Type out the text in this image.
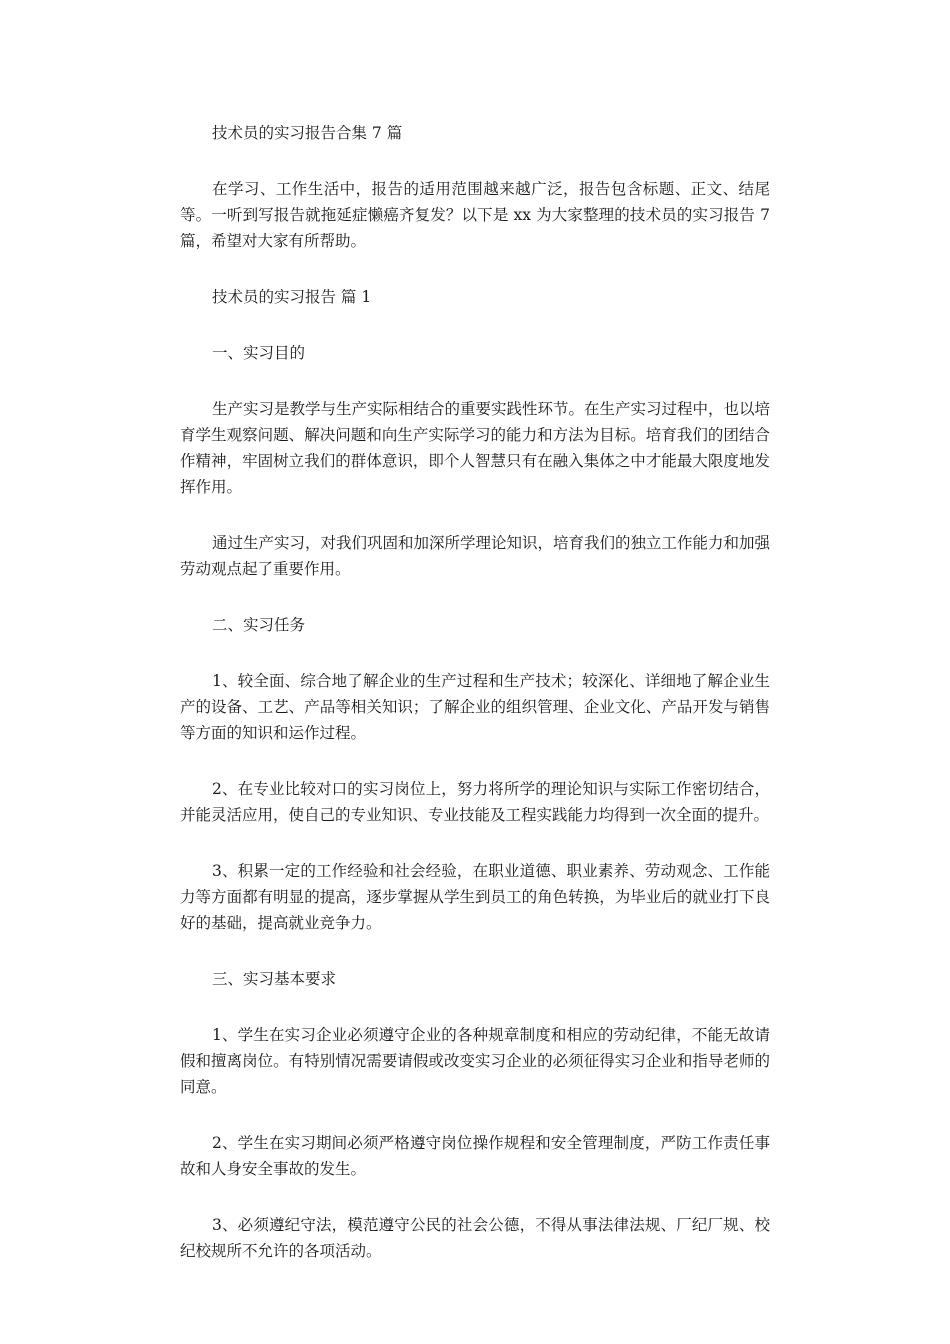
技术员的实习报告合集 7 篇

在学习、工作生活中，报告的适用范围越来越广泛，报告包含标题、正文、结尾等。一听到写报告就拖延症懒癌齐复发？以下是 xx 为大家整理的技术员的实习报告 7 篇，希望对大家有所帮助。

技术员的实习报告 篇 1

一、实习目的

生产实习是教学与生产实际相结合的重要实践性环节。在生产实习过程中，也以培育学生观察问题、解决问题和向生产实际学习的能力和方法为目标。培育我们的团结合作精神，牢固树立我们的群体意识，即个人智慧只有在融入集体之中才能最大限度地发挥作用。

通过生产实习，对我们巩固和加深所学理论知识，培育我们的独立工作能力和加强劳动观点起了重要作用。

二、实习任务

1、较全面、综合地了解企业的生产过程和生产技术；较深化、详细地了解企业生产的设备、工艺、产品等相关知识；了解企业的组织管理、企业文化、产品开发与销售等方面的知识和运作过程。

2、在专业比较对口的实习岗位上，努力将所学的理论知识与实际工作密切结合，并能灵活应用，使自己的专业知识、专业技能及工程实践能力均得到一次全面的提升。

3、积累一定的工作经验和社会经验，在职业道德、职业素养、劳动观念、工作能力等方面都有明显的提高，逐步掌握从学生到员工的角色转换，为毕业后的就业打下良好的基础，提高就业竞争力。

三、实习基本要求

1、学生在实习企业必须遵守企业的各种规章制度和相应的劳动纪律，不能无故请假和擅离岗位。有特别情况需要请假或改变实习企业的必须征得实习企业和指导老师的同意。

2、学生在实习期间必须严格遵守岗位操作规程和安全管理制度，严防工作责任事故和人身安全事故的发生。

3、必须遵纪守法，模范遵守公民的社会公德，不得从事法律法规、厂纪厂规、校纪校规所不允许的各项活动。
